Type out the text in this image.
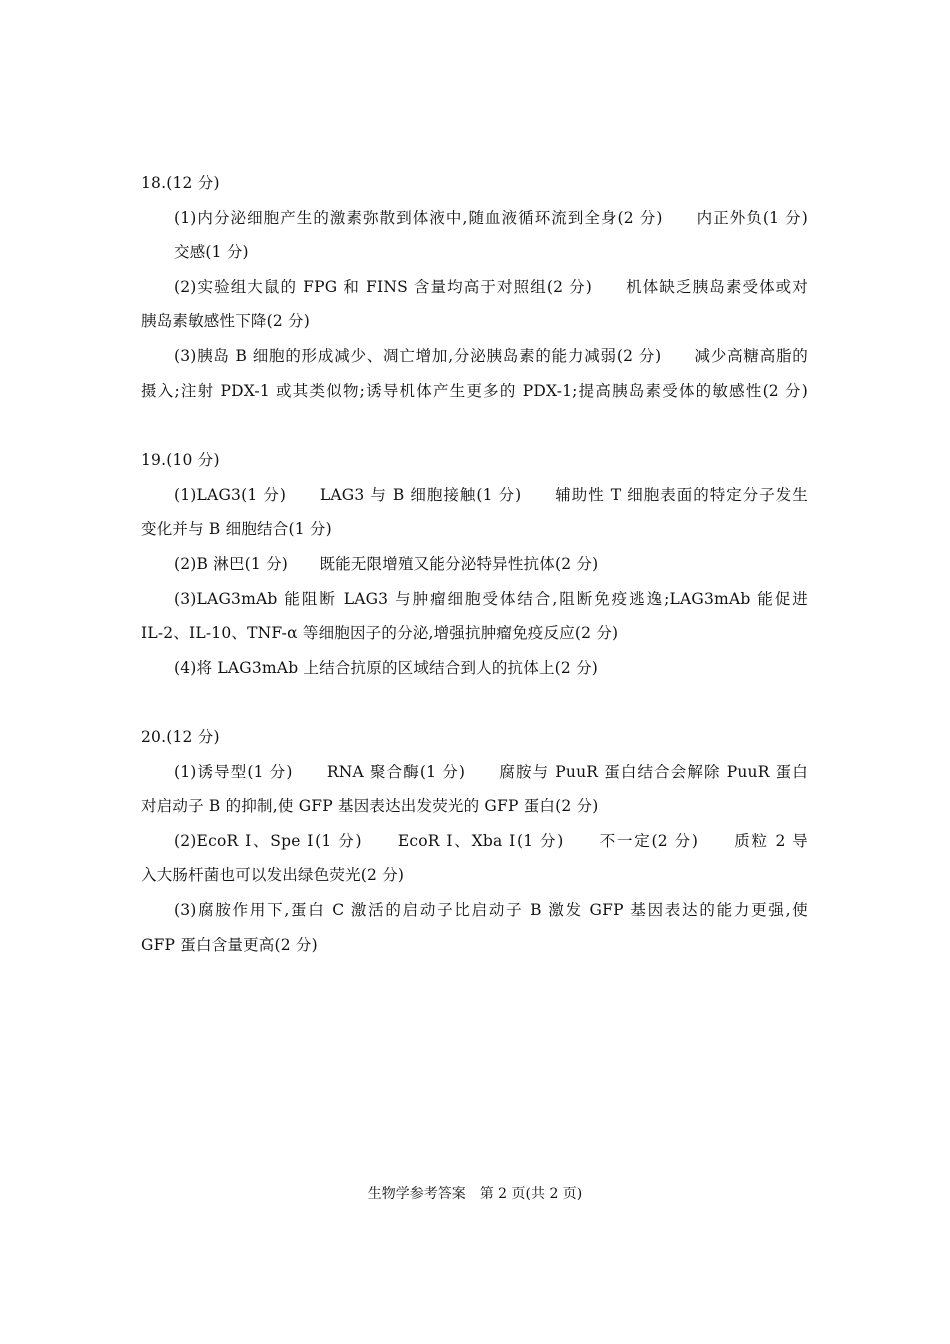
18.(12 分)
(1)内分泌细胞产生的激素弥散到体液中,随血液循环流到全身(2 分)　　内正外负(1 分)
交感(1 分)
(2)实验组大鼠的 FPG 和 FINS 含量均高于对照组(2 分)　　机体缺乏胰岛素受体或对
胰岛素敏感性下降(2 分)
(3)胰岛 B 细胞的形成减少、凋亡增加,分泌胰岛素的能力减弱(2 分)　　减少高糖高脂的
摄入;注射 PDX-1 或其类似物;诱导机体产生更多的 PDX-1;提高胰岛素受体的敏感性(2 分)
19.(10 分)
(1)LAG3(1 分)　　LAG3 与 B 细胞接触(1 分)　　辅助性 T 细胞表面的特定分子发生
变化并与 B 细胞结合(1 分)
(2)B 淋巴(1 分)　　既能无限增殖又能分泌特异性抗体(2 分)
(3)LAG3mAb 能阻断 LAG3 与肿瘤细胞受体结合,阻断免疫逃逸;LAG3mAb 能促进
IL-2、IL-10、TNF-α 等细胞因子的分泌,增强抗肿瘤免疫反应(2 分)
(4)将 LAG3mAb 上结合抗原的区域结合到人的抗体上(2 分)
20.(12 分)
(1)诱导型(1 分)　　RNA 聚合酶(1 分)　　腐胺与 PuuR 蛋白结合会解除 PuuR 蛋白
对启动子 B 的抑制,使 GFP 基因表达出发荧光的 GFP 蛋白(2 分)
(2)EcoR Ⅰ、Spe Ⅰ(1 分)　　EcoR Ⅰ、Xba Ⅰ(1 分)　　不一定(2 分)　　质粒 2 导
入大肠杆菌也可以发出绿色荧光(2 分)
(3)腐胺作用下,蛋白 C 激活的启动子比启动子 B 激发 GFP 基因表达的能力更强,使
GFP 蛋白含量更高(2 分)
生物学参考答案　第 2 页(共 2 页)
